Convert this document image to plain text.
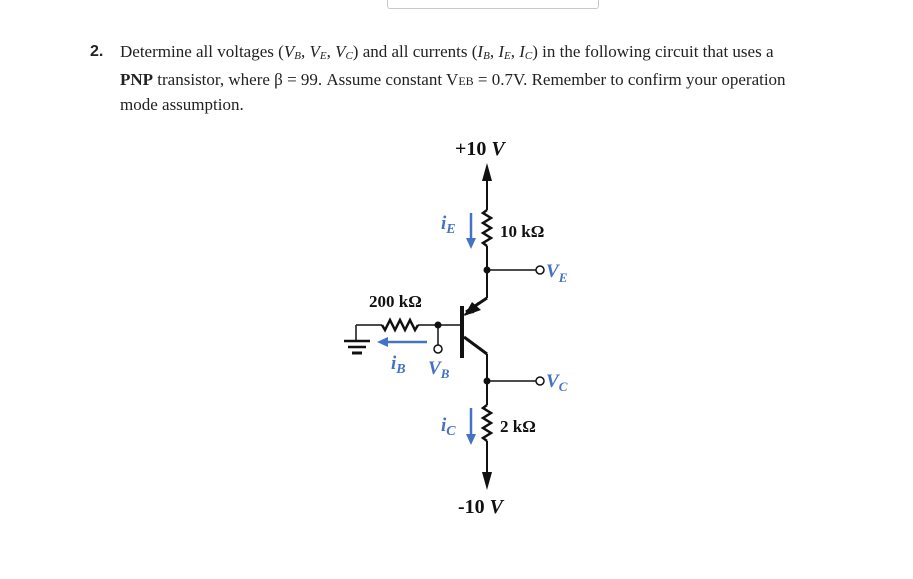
2. Determine all voltages ($V_B$, $V_E$, $V_C$) and all currents ($I_B$, $I_E$, $I_C$) in the following circuit that uses a
PNP transistor, where β = 99. Assume constant VEB = 0.7V. Remember to confirm your operation
mode assumption.
+10 V
10 kΩ
$i_E$
$V_E$
200 kΩ
$i_B$ $V_B$	$V_C$
2 kΩ
$i_C$
-10 V
